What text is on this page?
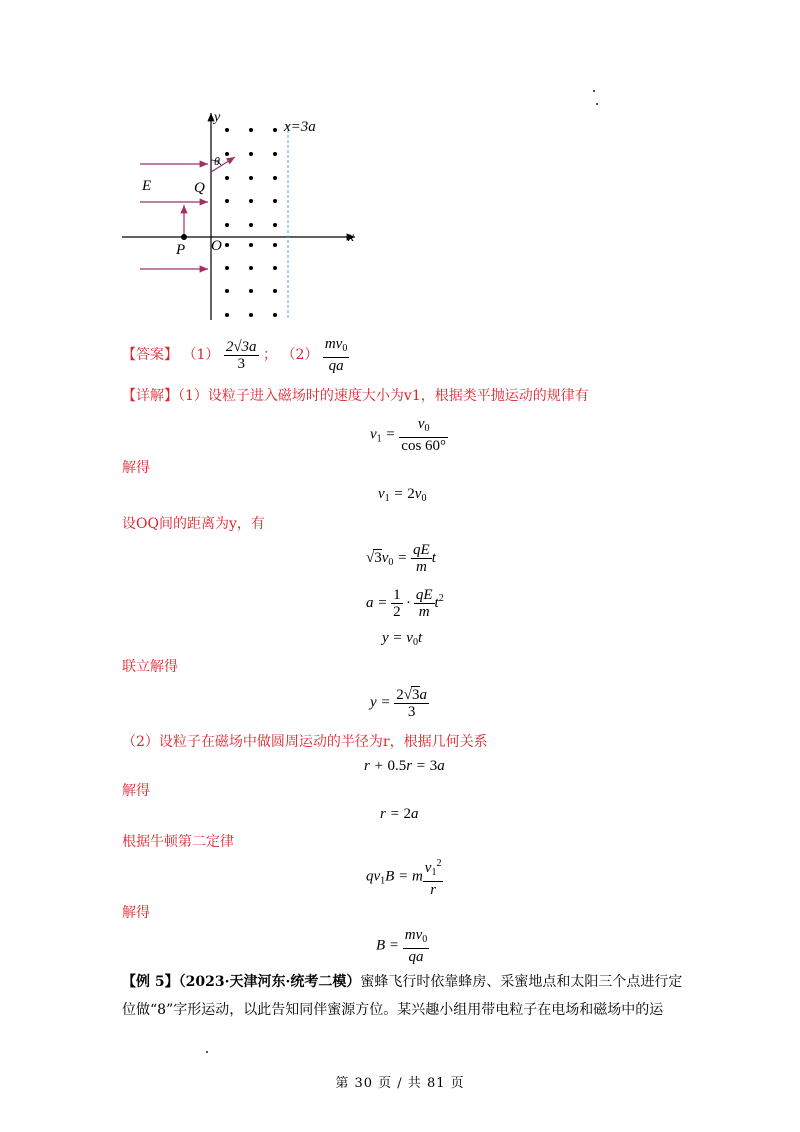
y
x
x=3a
θ
E	Q
P O
【答案】 $(1) \frac{2√3a}{3}$ ； $(2) \frac{mv_0}{qa}$
【详解】（1）设粒子进入磁场时的速度大小为v1，根据类平抛运动的规律有
$v_1 = \frac{v_0}{\cos 60^\circ}$
解得
$v_1 = 2v_0$
设OQ间的距离为y，有
$√3v_0 = \frac{qE}{m}$ t
$a = \frac{1}{2} \cdot \frac{qE}{m} t^2$
$y = v_0t$
联立解得
$y = \frac{2√3a}{3}$
（2）设粒子在磁场中做圆周运动的半径为r，根据几何关系
r + 0.5r = 3a
解得
r = 2a
根据牛顿第二定律
$qv_1B = m \frac{v_1^2}{r}$
解得
$B = \frac{mv_0}{qa}$
【例 5】（2023·天津河东·统考二模）蜜蜂飞行时依靠蜂房、采蜜地点和太阳三个点进行定
位做“8”字形运动，以此告知同伴蜜源方位。某兴趣小组用带电粒子在电场和磁场中的运
第 30 页 / 共 81 页
